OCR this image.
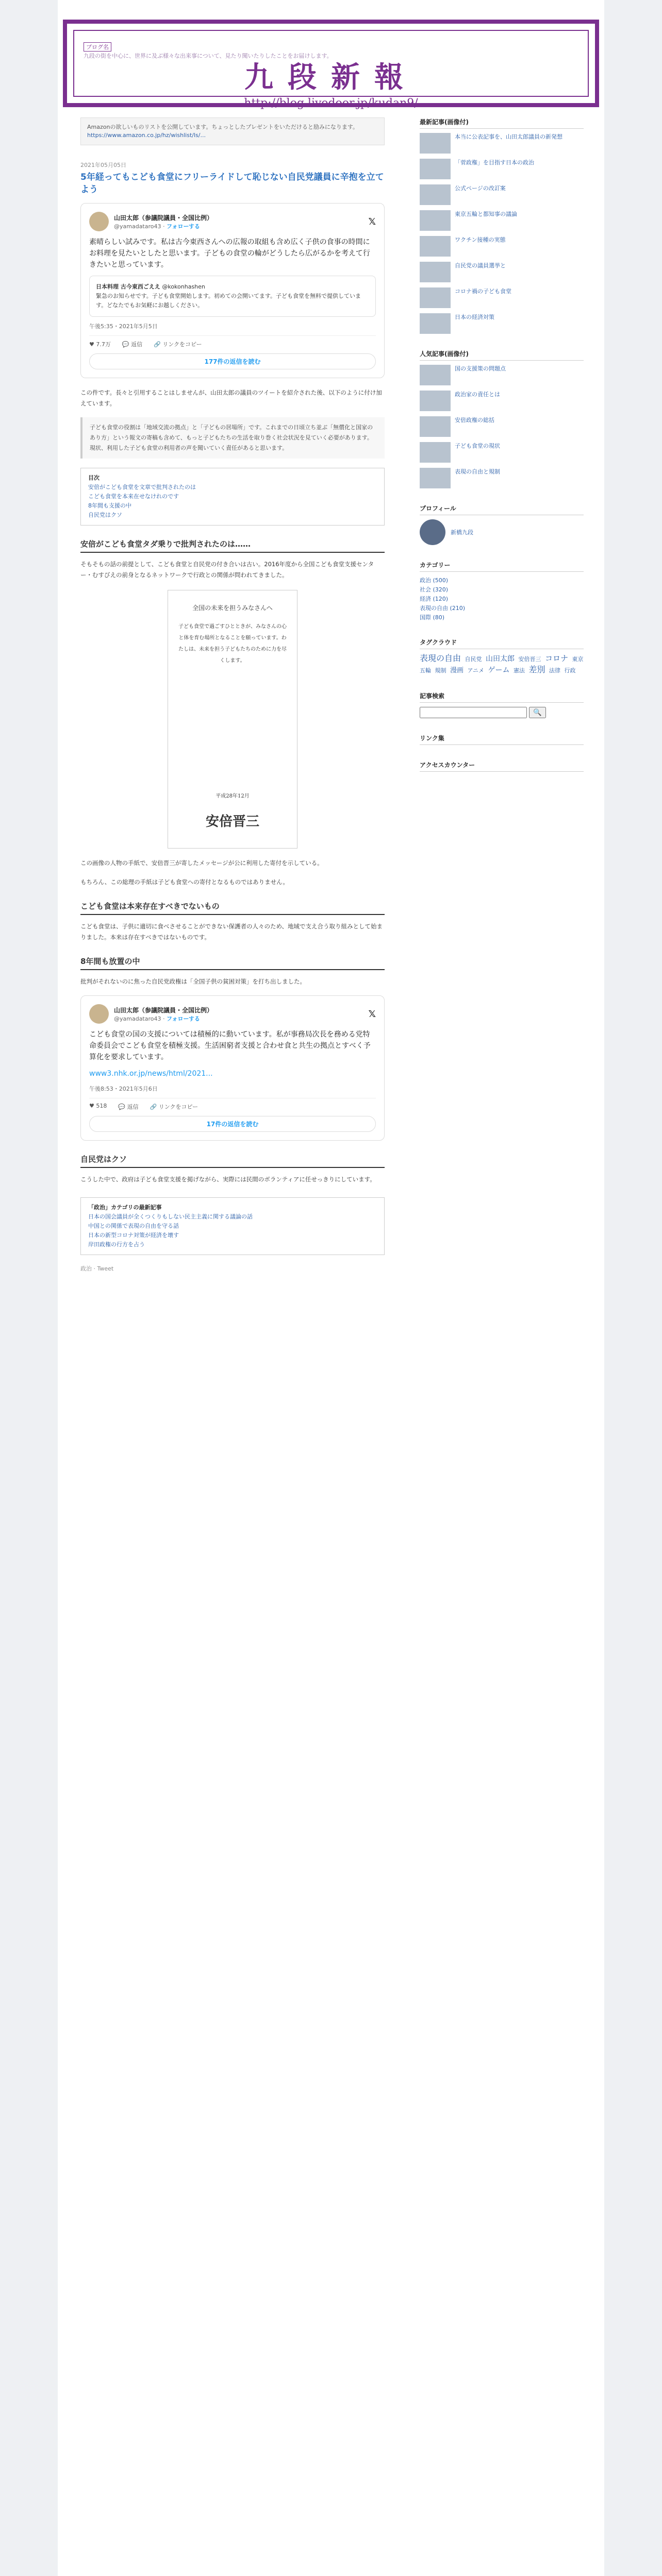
ブログ名
九段の街を中心に、世界に及ぶ様々な出来事について、見たり聞いたりしたことをお届けします。
九段新報
http://blog.livedoor.jp/kudan9/
Amazonの欲しいものリストを公開しています。ちょっとしたプレゼントをいただけると励みになります。
https://www.amazon.co.jp/hz/wishlist/ls/...
2021年05月05日
5年経ってもこども食堂にフリーライドして恥じない自民党議員に辛抱を立てよう
山田太郎（参議院議員・全国比例）
@yamadataro43 · フォローする	𝕏
素晴らしい試みです。私は古今東西さんへの広報の取組も含め広く子供の食事の時間にお料理を見たいとしたと思います。子どもの食堂の輪がどうしたら広がるかを考えて行きたいと思っています。
日本料理 古今東西ごええ @kokonhashen
緊急のお知らせです。子ども食堂開始します。初めての会開いてます。子ども食堂を無料で提供しています。どなたでもお気軽にお越しください。
午後5:35・2021年5月5日
♥ 7.7万 💬 返信 🔗 リンクをコピー
177件の返信を読む

この件です。長々と引用することはしませんが、山田太郎の議員のツイートを紹介された後、以下のように付け加えています。

子ども食堂の役割は「地域交流の拠点」と「子どもの居場所」です。これまでの日頃立ち並ぶ「無償化と国家のあり方」という報文の寄稿も含めて、もっと子どもたちの生活を取り巻く社会状況を見ていく必要があります。現状、利用した子ども食堂の利用者の声を聞いていく責任があると思います。
目次
安倍がこども食堂を文章で批判されたのは
こども食堂を本来在せなけれのです
8年間も支援の中
自民党はクソ
安倍がこども食堂タダ乗りで批判されたのは……

そもそもの話の前提として、こども食堂と自民党の付き合いは古い。2016年度から全国こども食堂支援センター・むすびえの前身となるネットワークで行政との関係が問われてきました。

全国の未来を担うみなさんへ
子ども食堂で過ごすひとときが、みなさんの心と体を育む場所となることを願っています。わたしは、未来を担う子どもたちのために力を尽くします。
平成28年12月
安倍晋三

この画像の人物の手紙で、安倍晋三が寄したメッセージが公に利用した寄付を示している。

もちろん、この総理の手紙は子ども食堂への寄付となるものではありません。

こども食堂は本来存在すべきでないもの

こども食堂は、子供に適切に食べさせることができない保護者の人々のため、地域で支え合う取り組みとして始まりました。本来は存在すべきではないものです。

8年間も放置の中

批判がそれないのに焦った自民党政権は「全国子供の貧困対策」を打ち出しました。

山田太郎（参議院議員・全国比例）
@yamadataro43 · フォローする	𝕏
こども食堂の国の支援については積極的に動いています。私が事務局次長を務める党特命委員会でこども食堂を積極支援。生活困窮者支援と合わせ食と共生の拠点とすべく予算化を要求しています。
www3.nhk.or.jp/news/html/2021...
午後8:53・2021年5月6日
♥ 518 💬 返信 🔗 リンクをコピー
17件の返信を読む
自民党はクソ

こうした中で、政府は子ども食堂支援を掲げながら、実際には民間のボランティアに任せっきりにしています。

「政治」カテゴリの最新記事
日本の国会議員が全くつくりもしない民主主義に関する議論の話
中国との関係で表現の自由を守る話
日本の新型コロナ対策が経済を壊す
岸田政権の行方を占う
政治 · Tweet
最新記事(画像付)
本当に公表記事を、山田太郎議員の新発想
「菅政権」を目指す日本の政治
公式ページの改訂案
東京五輪と都知事の議論
ワクチン接種の実態
自民党の議員選挙と
コロナ禍の子ども食堂
日本の経済対策
人気記事(画像付)
国の支援策の問題点
政治家の責任とは
安倍政権の総括
子ども食堂の現状
表現の自由と規制
プロフィール
新橋九段
カテゴリー
政治 (500)
社会 (320)
経済 (120)
表現の自由 (210)
国際 (80)
タグクラウド
表現の自由 自民党 山田太郎 安倍晋三 コロナ 東京五輪 規制 漫画 アニメ ゲーム 憲法 差別 法律 行政
記事検索
🔍
リンク集
アクセスカウンター
